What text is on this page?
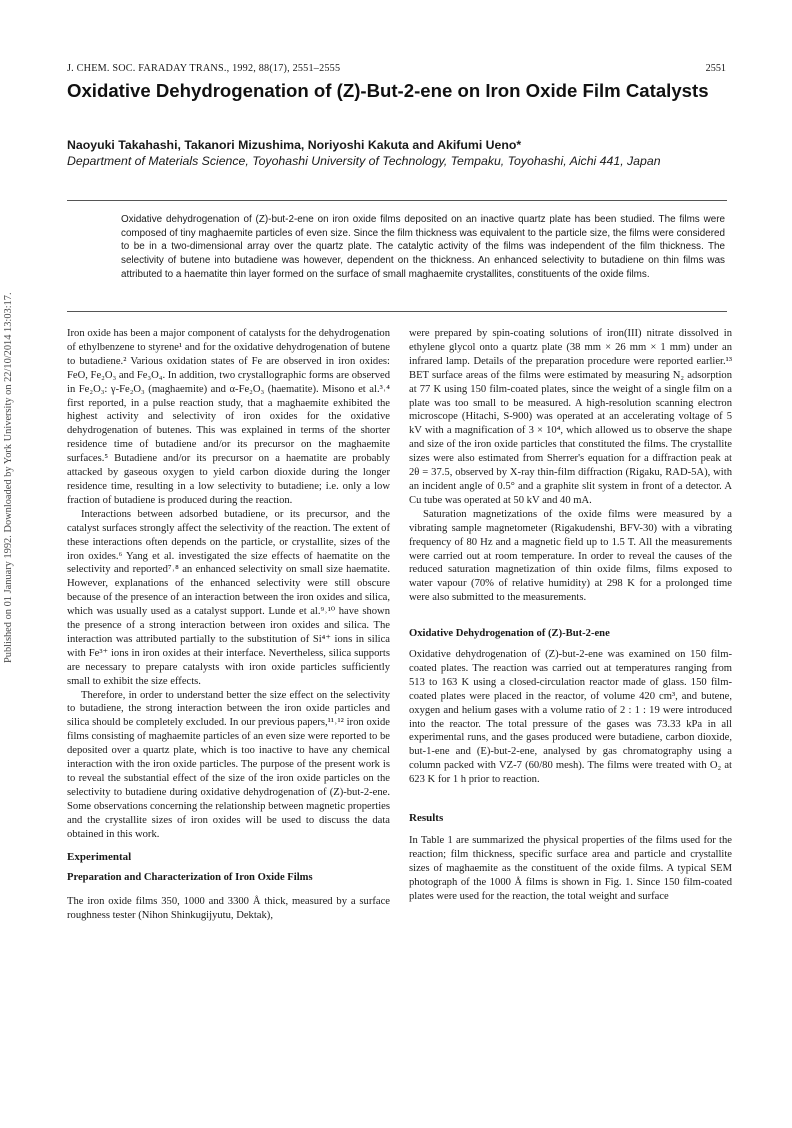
Published on 01 January 1992. Downloaded by York University on 22/10/2014 13:03:17.
J. CHEM. SOC. FARADAY TRANS., 1992, 88(17), 2551–2555	2551
Oxidative Dehydrogenation of (Z)-But-2-ene on Iron Oxide Film Catalysts
Naoyuki Takahashi, Takanori Mizushima, Noriyoshi Kakuta and Akifumi Ueno*
Department of Materials Science, Toyohashi University of Technology, Tempaku, Toyohashi, Aichi 441, Japan

Oxidative dehydrogenation of (Z)-but-2-ene on iron oxide films deposited on an inactive quartz plate has been studied. The films were composed of tiny maghaemite particles of even size. Since the film thickness was equivalent to the particle size, the films were considered to be in a two-dimensional array over the quartz plate. The catalytic activity of the films was independent of the film thickness. The selectivity of butene into butadiene was however, dependent on the thickness. An enhanced selectivity to butadiene on thin films was attributed to a haematite thin layer formed on the surface of small maghaemite crystallites, constituents of the oxide films.

Iron oxide has been a major component of catalysts for the dehydrogenation of ethylbenzene to styrene¹ and for the oxidative dehydrogenation of butene to butadiene.² Various oxidation states of Fe are observed in iron oxides: FeO, Fe₂O₃ and Fe₃O₄. In addition, two crystallographic forms are observed in Fe₂O₃: γ-Fe₂O₃ (maghaemite) and α-Fe₂O₃ (haematite). Misono et al.³˒⁴ first reported, in a pulse reaction study, that a maghaemite exhibited the highest activity and selectivity of iron oxides for the oxidative dehydrogenation of butenes. This was explained in terms of the shorter residence time of butadiene and/or its precursor on the maghaemite surfaces.⁵ Butadiene and/or its precursor on a haematite are probably attacked by gaseous oxygen to yield carbon dioxide during the longer residence time, resulting in a low selectivity to butadiene; i.e. only a low fraction of butadiene is produced during the reaction.

Interactions between adsorbed butadiene, or its precursor, and the catalyst surfaces strongly affect the selectivity of the reaction. The extent of these interactions often depends on the particle, or crystallite, sizes of the iron oxides.⁶ Yang et al. investigated the size effects of haematite on the selectivity and reported⁷˒⁸ an enhanced selectivity on small size haematite. However, explanations of the enhanced selectivity were still obscure because of the presence of an interaction between the iron oxides and silica, which was usually used as a catalyst support. Lunde et al.⁹˒¹⁰ have shown the presence of a strong interaction between iron oxides and silica. The interaction was attributed partially to the substitution of Si⁴⁺ ions in silica with Fe³⁺ ions in iron oxides at their interface. Nevertheless, silica supports are necessary to prepare catalysts with iron oxide particles sufficiently small to exhibit the size effects.

Therefore, in order to understand better the size effect on the selectivity to butadiene, the strong interaction between the iron oxide particles and silica should be completely excluded. In our previous papers,¹¹˒¹² iron oxide films consisting of maghaemite particles of an even size were reported to be deposited over a quartz plate, which is too inactive to have any chemical interaction with the iron oxide particles. The purpose of the present work is to reveal the substantial effect of the size of the iron oxide particles on the selectivity to butadiene during oxidative dehydrogenation of (Z)-but-2-ene. Some observations concerning the relationship between magnetic properties and the crystallite sizes of iron oxides will be used to discuss the data obtained in this work.

Experimental

Preparation and Characterization of Iron Oxide Films

The iron oxide films 350, 1000 and 3300 Å thick, measured by a surface roughness tester (Nihon Shinkugijyutu, Dektak),

were prepared by spin-coating solutions of iron(III) nitrate dissolved in ethylene glycol onto a quartz plate (38 mm × 26 mm × 1 mm) under an infrared lamp. Details of the preparation procedure were reported earlier.¹³ BET surface areas of the films were estimated by measuring N₂ adsorption at 77 K using 150 film-coated plates, since the weight of a single film on a plate was too small to be measured. A high-resolution scanning electron microscope (Hitachi, S-900) was operated at an accelerating voltage of 5 kV with a magnification of 3 × 10⁴, which allowed us to observe the shape and size of the iron oxide particles that constituted the films. The crystallite sizes were also estimated from Sherrer's equation for a diffraction peak at 2θ = 37.5, observed by X-ray thin-film diffraction (Rigaku, RAD-5A), with an incident angle of 0.5° and a graphite slit system in front of a detector. A Cu tube was operated at 50 kV and 40 mA.

Saturation magnetizations of the oxide films were measured by a vibrating sample magnetometer (Rigakudenshi, BFV-30) with a vibrating frequency of 80 Hz and a magnetic field up to 1.5 T. All the measurements were carried out at room temperature. In order to reveal the causes of the reduced saturation magnetization of thin oxide films, films exposed to water vapour (70% of relative humidity) at 298 K for a prolonged time were also submitted to the measurements.

Oxidative Dehydrogenation of (Z)-But-2-ene

Oxidative dehydrogenation of (Z)-but-2-ene was examined on 150 film-coated plates. The reaction was carried out at temperatures ranging from 513 to 163 K using a closed-circulation reactor made of glass. 150 film-coated plates were placed in the reactor, of volume 420 cm³, and butene, oxygen and helium gases with a volume ratio of 2 : 1 : 19 were introduced into the reactor. The total pressure of the gases was 73.33 kPa in all experimental runs, and the gases produced were butadiene, carbon dioxide, but-1-ene and (E)-but-2-ene, analysed by gas chromatography using a column packed with VZ-7 (60/80 mesh). The films were treated with O₂ at 623 K for 1 h prior to reaction.

Results

In Table 1 are summarized the physical properties of the films used for the reaction; film thickness, specific surface area and particle and crystallite sizes of maghaemite as the constituent of the oxide films. A typical SEM photograph of the 1000 Å films is shown in Fig. 1. Since 150 film-coated plates were used for the reaction, the total weight and surface
